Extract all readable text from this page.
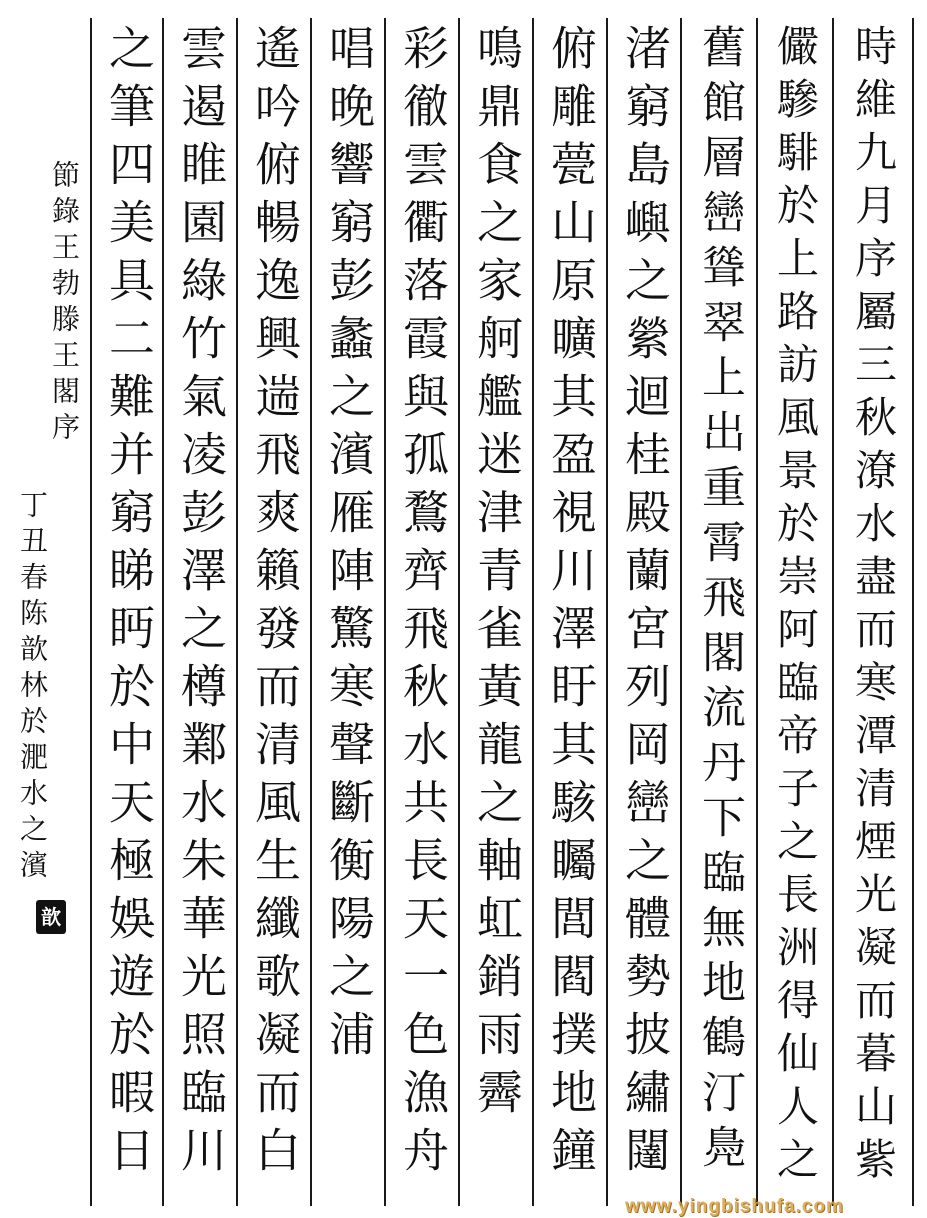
時維九月序屬三秋潦水盡而寒潭清煙光凝而暮山紫
儼驂騑於上路訪風景於崇阿臨帝子之長洲得仙人之
舊館層巒聳翠上出重霄飛閣流丹下臨無地鶴汀鳧
渚窮島嶼之縈迴桂殿蘭宮列岡巒之體勢披繡闥
俯雕甍山原曠其盈視川澤盱其駭矚閭閻撲地鐘
鳴鼎食之家舸艦迷津青雀黃龍之軸虹銷雨霽
彩徹雲衢落霞與孤鶩齊飛秋水共長天一色漁舟
唱晚響窮彭蠡之濱雁陣驚寒聲斷衡陽之浦
遙吟俯暢逸興遄飛爽籟發而清風生纖歌凝而白
雲遏睢園綠竹氣凌彭澤之樽鄴水朱華光照臨川
之筆四美具二難并窮睇眄於中天極娛遊於暇日
節錄王勃滕王閣序
丁丑春陈歆林於淝水之濱
歆
www.yingbishufa.com
